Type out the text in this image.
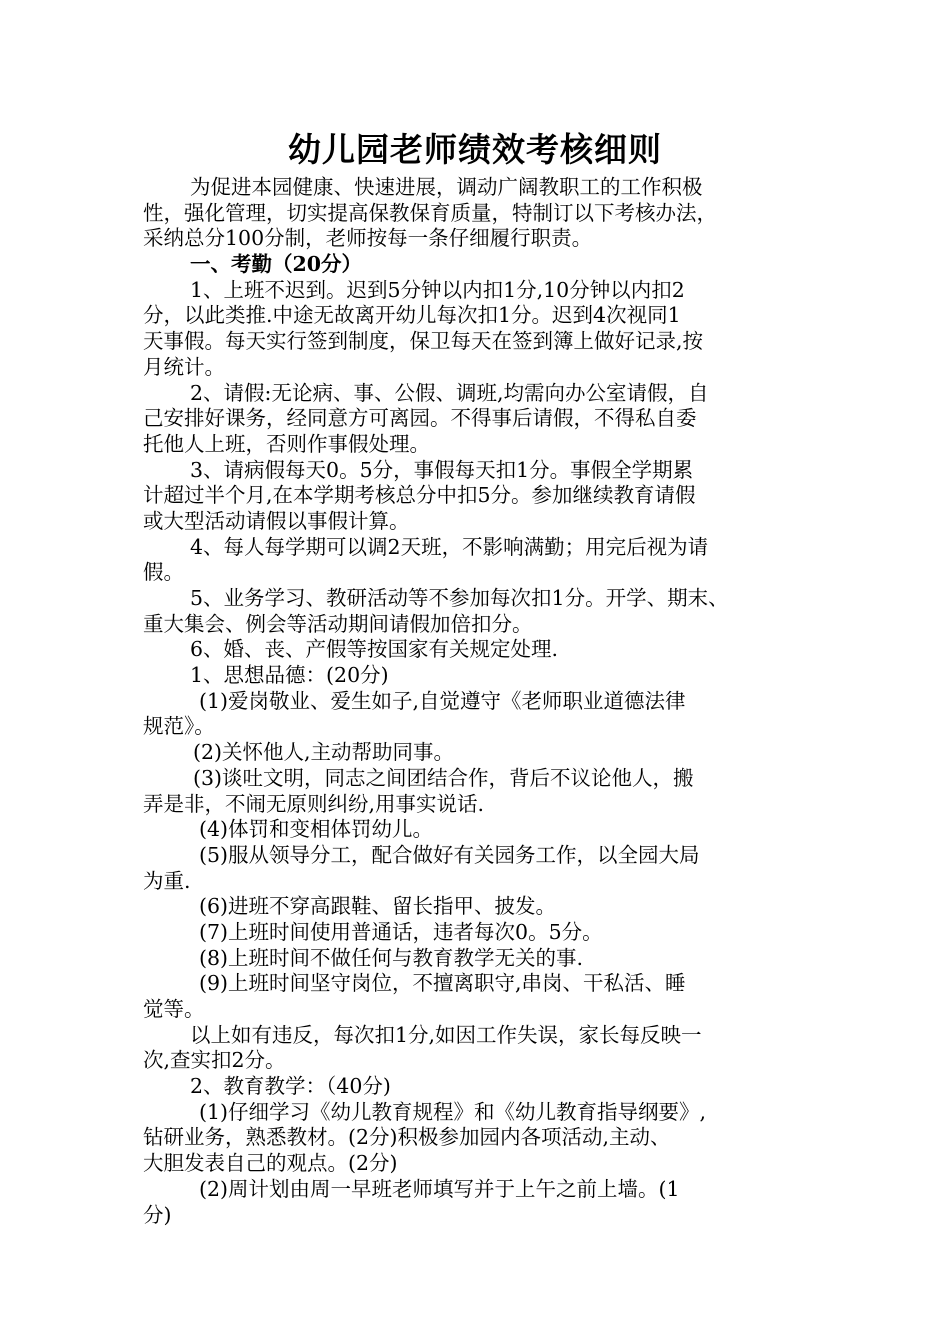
幼儿园老师绩效考核细则
为促进本园健康、快速进展，调动广阔教职工的工作积极
性，强化管理，切实提高保教保育质量，特制订以下考核办法，
采纳总分100分制，老师按每一条仔细履行职责。
一、考勤（20分）
1、上班不迟到。迟到5分钟以内扣1分,10分钟以内扣2
分，以此类推.中途无故离开幼儿每次扣1分。迟到4次视同1
天事假。每天实行签到制度，保卫每天在签到簿上做好记录,按
月统计。
2、请假:无论病、事、公假、调班,均需向办公室请假，自
己安排好课务，经同意方可离园。不得事后请假，不得私自委
托他人上班，否则作事假处理。
3、请病假每天0。5分，事假每天扣1分。事假全学期累
计超过半个月,在本学期考核总分中扣5分。参加继续教育请假
或大型活动请假以事假计算。
4、每人每学期可以调2天班，不影响满勤；用完后视为请
假。
5、业务学习、教研活动等不参加每次扣1分。开学、期末、
重大集会、例会等活动期间请假加倍扣分。
6、婚、丧、产假等按国家有关规定处理.
1、思想品德：(20分)
(1)爱岗敬业、爱生如子,自觉遵守《老师职业道德法律
规范》。
(2)关怀他人,主动帮助同事。
(3)谈吐文明，同志之间团结合作，背后不议论他人，搬
弄是非，不闹无原则纠纷,用事实说话.
(4)体罚和变相体罚幼儿。
(5)服从领导分工，配合做好有关园务工作，以全园大局
为重.
(6)进班不穿高跟鞋、留长指甲、披发。
(7)上班时间使用普通话，违者每次0。5分。
(8)上班时间不做任何与教育教学无关的事.
(9)上班时间坚守岗位，不擅离职守,串岗、干私活、睡
觉等。
以上如有违反，每次扣1分,如因工作失误，家长每反映一
次,查实扣2分。
2、教育教学：（40分)
(1)仔细学习《幼儿教育规程》和《幼儿教育指导纲要》,
钻研业务，熟悉教材。(2分)积极参加园内各项活动,主动、
大胆发表自己的观点。(2分)
(2)周计划由周一早班老师填写并于上午之前上墙。(1
分)
